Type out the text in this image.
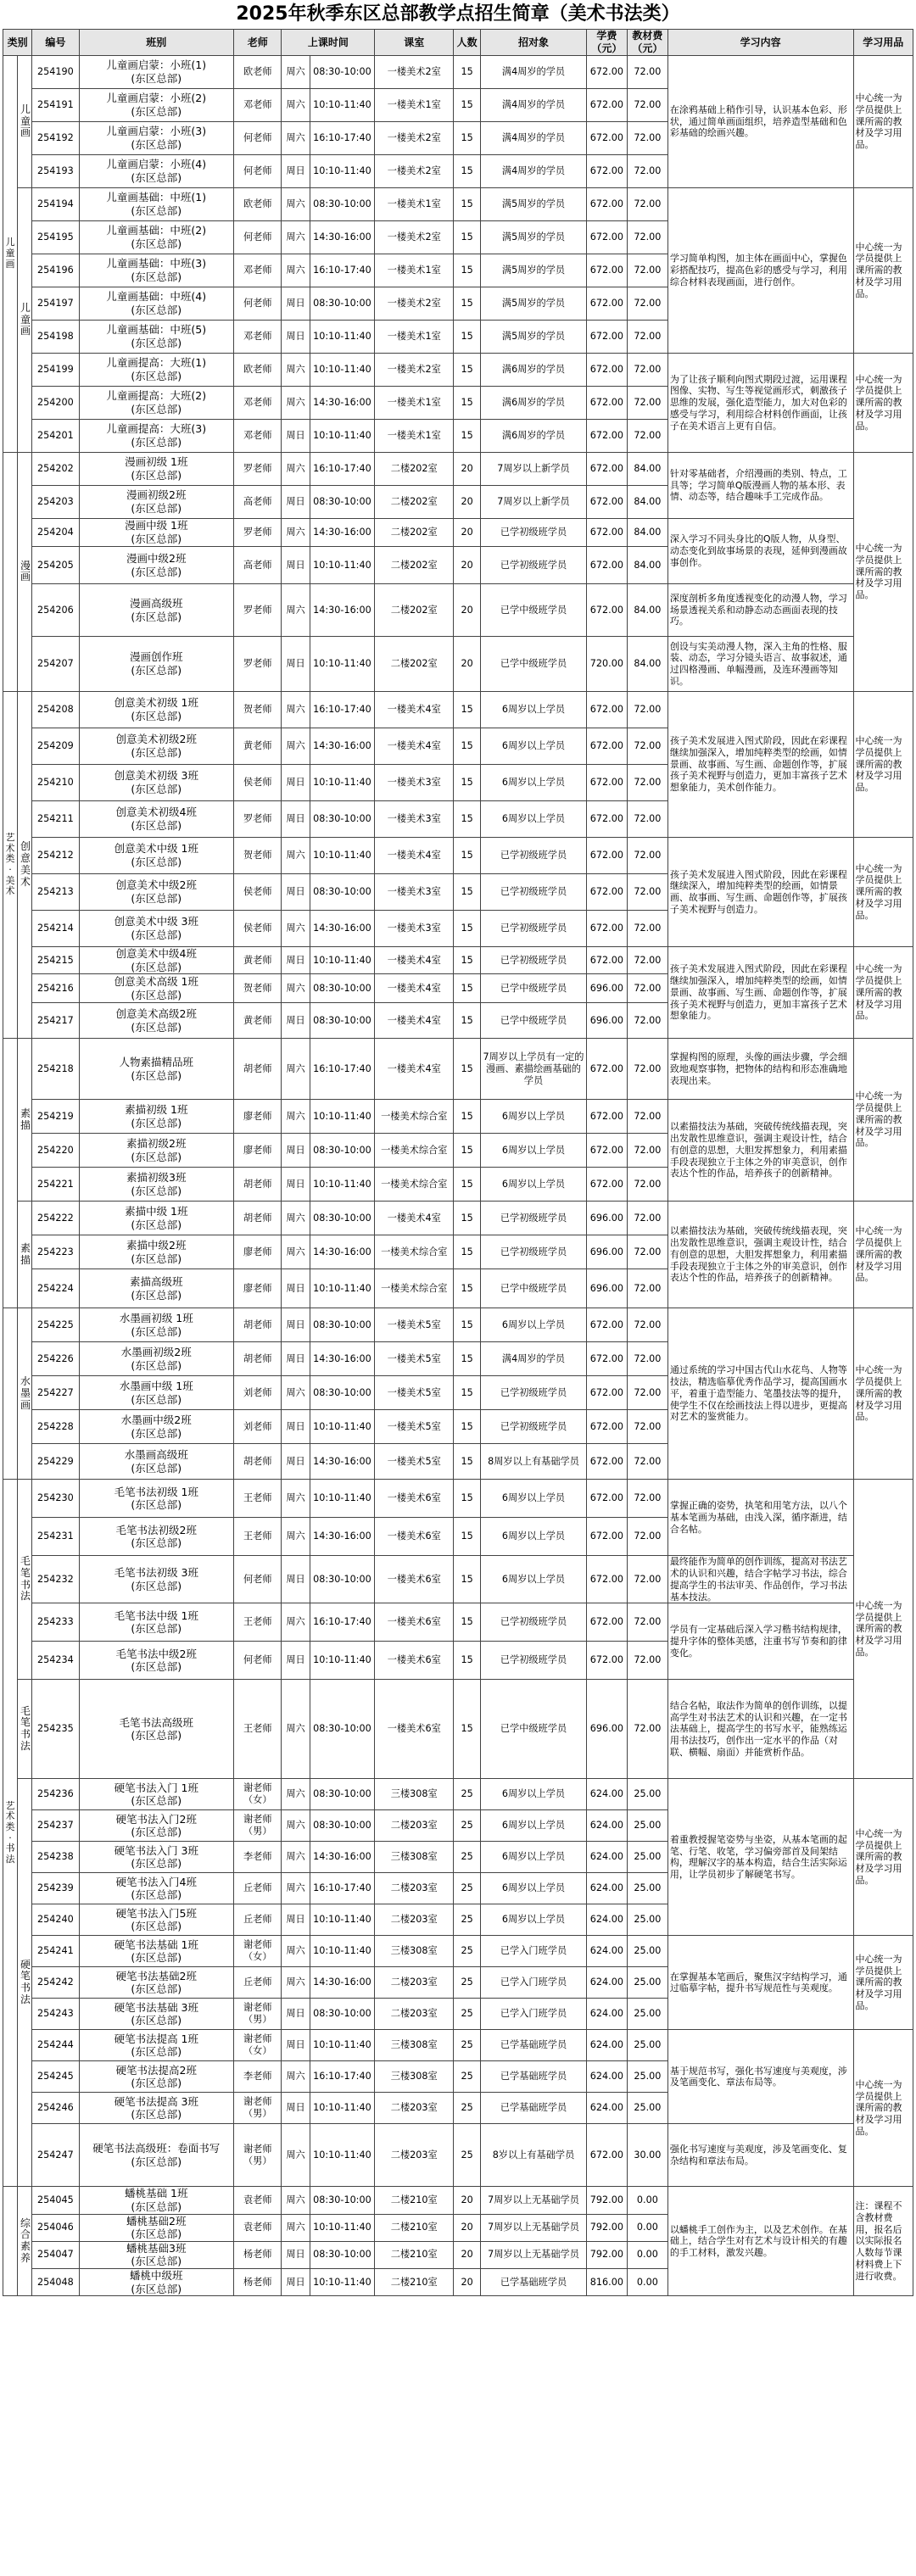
2025年秋季东区总部教学点招生简章（美术书法类）
类别		编号	班别	老师	上课时间		课室	人数	招对象	学费（元）	教材费（元）	学习内容	学习用品
儿童画	儿童画	254190	儿童画启蒙：小班(1)
(东区总部)	欧老师	周六	08:30-10:00	一楼美术2室	15	满4周岁的学员	672.00	72.00	在涂鸦基础上稍作引导，认识基本色彩、形状，通过简单画面组织，培养造型基础和色彩基础的绘画兴趣。	中心统一为学员提供上课所需的教材及学习用品。
		254191	儿童画启蒙：小班(2)
(东区总部)	邓老师	周六	10:10-11:40	一楼美术1室	15	满4周岁的学员	672.00	72.00		
		254192	儿童画启蒙：小班(3)
(东区总部)	何老师	周六	16:10-17:40	一楼美术2室	15	满4周岁的学员	672.00	72.00		
		254193	儿童画启蒙：小班(4)
(东区总部)	何老师	周日	10:10-11:40	一楼美术2室	15	满4周岁的学员	672.00	72.00		
	儿童画	254194	儿童画基础：中班(1)
(东区总部)	欧老师	周六	08:30-10:00	一楼美术1室	15	满5周岁的学员	672.00	72.00	学习简单构图，加主体在画面中心，掌握色彩搭配技巧，提高色彩的感受与学习，利用综合材料表现画面，进行创作。	中心统一为学员提供上课所需的教材及学习用品。
		254195	儿童画基础：中班(2)
(东区总部)	何老师	周六	14:30-16:00	一楼美术2室	15	满5周岁的学员	672.00	72.00		
		254196	儿童画基础：中班(3)
(东区总部)	邓老师	周六	16:10-17:40	一楼美术1室	15	满5周岁的学员	672.00	72.00		
		254197	儿童画基础：中班(4)
(东区总部)	何老师	周日	08:30-10:00	一楼美术2室	15	满5周岁的学员	672.00	72.00		
		254198	儿童画基础：中班(5)
(东区总部)	邓老师	周日	10:10-11:40	一楼美术1室	15	满5周岁的学员	672.00	72.00		
		254199	儿童画提高：大班(1)
(东区总部)	欧老师	周六	10:10-11:40	一楼美术2室	15	满6周岁的学员	672.00	72.00	为了让孩子顺利向图式期段过渡，运用课程图像、实物、写生等视觉画形式，刺激孩子思维的发展，强化造型能力，加大对色彩的感受与学习，利用综合材料创作画面，让孩子在美术语言上更有自信。	中心统一为学员提供上课所需的教材及学习用品。
		254200	儿童画提高：大班(2)
(东区总部)	邓老师	周六	14:30-16:00	一楼美术1室	15	满6周岁的学员	672.00	72.00		
		254201	儿童画提高：大班(3)
(东区总部)	邓老师	周日	10:10-11:40	一楼美术1室	15	满6周岁的学员	672.00	72.00		
	漫画	254202	漫画初级 1班
(东区总部)	罗老师	周六	16:10-17:40	二楼202室	20	7周岁以上新学员	672.00	84.00	针对零基础者，介绍漫画的类别、特点，工具等；学习简单Q版漫画人物的基本形、表情、动态等，结合趣味手工完成作品。	中心统一为学员提供上课所需的教材及学习用品。
		254203	漫画初级2班
(东区总部)	高老师	周日	08:30-10:00	二楼202室	20	7周岁以上新学员	672.00	84.00		
		254204	漫画中级 1班
(东区总部)	罗老师	周六	14:30-16:00	二楼202室	20	已学初级班学员	672.00	84.00	深入学习不同头身比的Q版人物，从身型、动态变化到故事场景的表现，延伸到漫画故事创作。	
		254205	漫画中级2班
(东区总部)	高老师	周日	10:10-11:40	二楼202室	20	已学初级班学员	672.00	84.00		
		254206	漫画高级班
(东区总部)	罗老师	周六	14:30-16:00	二楼202室	20	已学中级班学员	672.00	84.00	深度剖析多角度透视变化的动漫人物，学习场景透视关系和动静态动态画面表现的技巧。	
		254207	漫画创作班
(东区总部)	罗老师	周日	10:10-11:40	二楼202室	20	已学中级班学员	720.00	84.00	创设与实美动漫人物，深入主角的性格、服装、动态，学习分镜头语言、故事叙述，通过四格漫画、单幅漫画，及连环漫画等知识。	
艺术类·美术	创意美术	254208	创意美术初级 1班
(东区总部)	贺老师	周六	16:10-17:40	一楼美术4室	15	6周岁以上学员	672.00	72.00	孩子美术发展进入图式阶段，因此在彩课程继续加强深入，增加纯粹类型的绘画，如情景画、故事画、写生画、命题创作等，扩展孩子美术视野与创造力，更加丰富孩子艺术想象能力，美术创作能力。	中心统一为学员提供上课所需的教材及学习用品。
		254209	创意美术初级2班
(东区总部)	黄老师	周六	14:30-16:00	一楼美术4室	15	6周岁以上学员	672.00	72.00		
		254210	创意美术初级 3班
(东区总部)	侯老师	周日	10:10-11:40	一楼美术3室	15	6周岁以上学员	672.00	72.00		
		254211	创意美术初级4班
(东区总部)	罗老师	周日	08:30-10:00	一楼美术3室	15	6周岁以上学员	672.00	72.00		
		254212	创意美术中级 1班
(东区总部)	贺老师	周六	10:10-11:40	一楼美术4室	15	已学初级班学员	672.00	72.00	孩子美术发展进入图式阶段，因此在彩课程继续深入，增加纯粹类型的绘画，如情景画、故事画、写生画、命题创作等，扩展孩子美术视野与创造力。	中心统一为学员提供上课所需的教材及学习用品。
		254213	创意美术中级2班
(东区总部)	侯老师	周日	08:30-10:00	一楼美术3室	15	已学初级班学员	672.00	72.00		
		254214	创意美术中级 3班
(东区总部)	侯老师	周六	14:30-16:00	一楼美术3室	15	已学初级班学员	672.00	72.00		
		254215	创意美术中级4班
(东区总部)	黄老师	周日	10:10-11:40	一楼美术4室	15	已学初级班学员	672.00	72.00	孩子美术发展进入图式阶段，因此在彩课程继续加强深入，增加纯粹类型的绘画，如情景画、故事画、写生画、命题创作等，扩展孩子美术视野与创造力，更加丰富孩子艺术想象能力。	中心统一为学员提供上课所需的教材及学习用品。
		254216	创意美术高级 1班
(东区总部)	贺老师	周六	08:30-10:00	一楼美术4室	15	已学中级班学员	696.00	72.00		
		254217	创意美术高级2班
(东区总部)	黄老师	周日	08:30-10:00	一楼美术4室	15	已学中级班学员	696.00	72.00		
	素描	254218	人物素描精品班
(东区总部)	胡老师	周六	16:10-17:40	一楼美术4室	15	7周岁以上学员有一定的漫画、素描绘画基础的学员	672.00	72.00	掌握构图的原理，头像的画法步骤，学会细致地观察事物，把物体的结构和形态准确地表现出来。	中心统一为学员提供上课所需的教材及学习用品。
		254219	素描初级 1班
(东区总部)	廖老师	周六	10:10-11:40	一楼美术综合室	15	6周岁以上学员	672.00	72.00	以素描技法为基础，突破传统线描表现，突出发散性思维意识，强调主观设计性，结合有创意的思想，大胆发挥想象力，利用素描手段表现独立于主体之外的审美意识，创作表达个性的作品，培养孩子的创新精神。	
		254220	素描初级2班
(东区总部)	廖老师	周日	08:30-10:00	一楼美术综合室	15	6周岁以上学员	672.00	72.00		
		254221	素描初级3班
(东区总部)	胡老师	周日	10:10-11:40	一楼美术综合室	15	6周岁以上学员	672.00	72.00		
	素描	254222	素描中级 1班
(东区总部)	胡老师	周六	08:30-10:00	一楼美术4室	15	已学初级班学员	696.00	72.00	以素描技法为基础，突破传统线描表现，突出发散性思维意识，强调主观设计性，结合有创意的思想，大胆发挥想象力，利用素描手段表现独立于主体之外的审美意识，创作表达个性的作品，培养孩子的创新精神。	中心统一为学员提供上课所需的教材及学习用品。
		254223	素描中级2班
(东区总部)	廖老师	周六	14:30-16:00	一楼美术综合室	15	已学初级班学员	696.00	72.00		
		254224	素描高级班
(东区总部)	廖老师	周日	10:10-11:40	一楼美术综合室	15	已学中级班学员	696.00	72.00		
	水墨画	254225	水墨画初级 1班
(东区总部)	胡老师	周日	08:30-10:00	一楼美术5室	15	6周岁以上学员	672.00	72.00	通过系统的学习中国古代山水花鸟、人物等技法，精选临摹优秀作品学习，提高国画水平，着重于造型能力、笔墨技法等的提升，使学生不仅在绘画技法上得以进步，更提高对艺术的鉴赏能力。	中心统一为学员提供上课所需的教材及学习用品。
		254226	水墨画初级2班
(东区总部)	胡老师	周日	14:30-16:00	一楼美术5室	15	满4周岁的学员	672.00	72.00		
		254227	水墨画中级 1班
(东区总部)	刘老师	周六	08:30-10:00	一楼美术5室	15	已学初级班学员	672.00	72.00		
		254228	水墨画中级2班
(东区总部)	刘老师	周日	10:10-11:40	一楼美术5室	15	已学初级班学员	672.00	72.00		
		254229	水墨画高级班
(东区总部)	胡老师	周日	14:30-16:00	一楼美术5室	15	8周岁以上有基础学员	672.00	72.00		
艺术类·书法	毛笔书法	254230	毛笔书法初级 1班
(东区总部)	王老师	周六	10:10-11:40	一楼美术6室	15	6周岁以上学员	672.00	72.00	掌握正确的姿势，执笔和用笔方法，以八个基本笔画为基础，由浅入深，循序渐进，结合名帖。	中心统一为学员提供上课所需的教材及学习用品。
		254231	毛笔书法初级2班
(东区总部)	王老师	周六	14:30-16:00	一楼美术6室	15	6周岁以上学员	672.00	72.00		
		254232	毛笔书法初级 3班
(东区总部)	何老师	周日	08:30-10:00	一楼美术6室	15	6周岁以上学员	672.00	72.00	最终能作为简单的创作训练，提高对书法艺术的认识和兴趣，结合字帖学习书法，综合提高学生的书法审美、作品创作，学习书法基本技法。	
		254233	毛笔书法中级 1班
(东区总部)	王老师	周六	16:10-17:40	一楼美术6室	15	已学初级班学员	672.00	72.00	学员有一定基础后深入学习楷书结构规律，提升字体的整体美感，注重书写节奏和韵律变化。	
		254234	毛笔书法中级2班
(东区总部)	何老师	周日	10:10-11:40	一楼美术6室	15	已学初级班学员	672.00	72.00		
	毛笔书法	254235	毛笔书法高级班
(东区总部)	王老师	周六	08:30-10:00	一楼美术6室	15	已学中级班学员	696.00	72.00	结合名帖，取法作为简单的创作训练，以提高学生对书法艺术的认识和兴趣，在一定书法基础上，提高学生的书写水平，能熟练运用书法技巧，创作出一定水平的作品（对联、横幅、扇面）并能赏析作品。	
	硬笔书法	254236	硬笔书法入门 1班
(东区总部)	谢老师（女）	周六	08:30-10:00	三楼308室	25	6周岁以上学员	624.00	25.00	着重教授握笔姿势与坐姿，从基本笔画的起笔、行笔、收笔，学习偏旁部首及间架结构，理解汉字的基本构造，结合生活实际运用，让学员初步了解硬笔书写。	中心统一为学员提供上课所需的教材及学习用品。
		254237	硬笔书法入门2班
(东区总部)	谢老师（男）	周六	08:30-10:00	二楼203室	25	6周岁以上学员	624.00	25.00		
		254238	硬笔书法入门 3班
(东区总部)	李老师	周六	14:30-16:00	三楼308室	25	6周岁以上学员	624.00	25.00		
		254239	硬笔书法入门4班
(东区总部)	丘老师	周六	16:10-17:40	二楼203室	25	6周岁以上学员	624.00	25.00		
		254240	硬笔书法入门5班
(东区总部)	丘老师	周日	10:10-11:40	二楼203室	25	6周岁以上学员	624.00	25.00		
		254241	硬笔书法基础 1班
(东区总部)	谢老师（女）	周六	10:10-11:40	三楼308室	25	已学入门班学员	624.00	25.00	在掌握基本笔画后，聚焦汉字结构学习，通过临摹字帖，提升书写规范性与美观度。	中心统一为学员提供上课所需的教材及学习用品。
		254242	硬笔书法基础2班
(东区总部)	丘老师	周六	14:30-16:00	二楼203室	25	已学入门班学员	624.00	25.00		
		254243	硬笔书法基础 3班
(东区总部)	谢老师（男）	周日	08:30-10:00	二楼203室	25	已学入门班学员	624.00	25.00		
		254244	硬笔书法提高 1班
(东区总部)	谢老师（女）	周日	10:10-11:40	三楼308室	25	已学基础班学员	624.00	25.00	基于规范书写，强化书写速度与美观度，涉及笔画变化、章法布局等。	中心统一为学员提供上课所需的教材及学习用品。
		254245	硬笔书法提高2班
(东区总部)	李老师	周六	16:10-17:40	三楼308室	25	已学基础班学员	624.00	25.00		
		254246	硬笔书法提高 3班
(东区总部)	谢老师（男）	周日	10:10-11:40	二楼203室	25	已学基础班学员	624.00	25.00		
		254247	硬笔书法高级班：卷面书写
(东区总部)	谢老师（男）	周六	10:10-11:40	二楼203室	25	8岁以上有基础学员	672.00	30.00	强化书写速度与美观度，涉及笔画变化、复杂结构和章法布局。	
	综合素养	254045	蟠桃基础 1班
(东区总部)	袁老师	周六	08:30-10:00	二楼210室	20	7周岁以上无基础学员	792.00	0.00	以蟠桃手工创作为主，以及艺术创作。在基础上，结合学生对有艺术与设计相关的有趣的手工材料，激发兴趣。	注：课程不含教材费用，报名后以实际报名人数每节课材料费上下进行收费。
		254046	蟠桃基础2班
(东区总部)	袁老师	周六	10:10-11:40	二楼210室	20	7周岁以上无基础学员	792.00	0.00		
		254047	蟠桃基础3班
(东区总部)	杨老师	周日	08:30-10:00	二楼210室	20	7周岁以上无基础学员	792.00	0.00		
		254048	蟠桃中级班
(东区总部)	杨老师	周日	10:10-11:40	二楼210室	20	已学基础班学员	816.00	0.00		
